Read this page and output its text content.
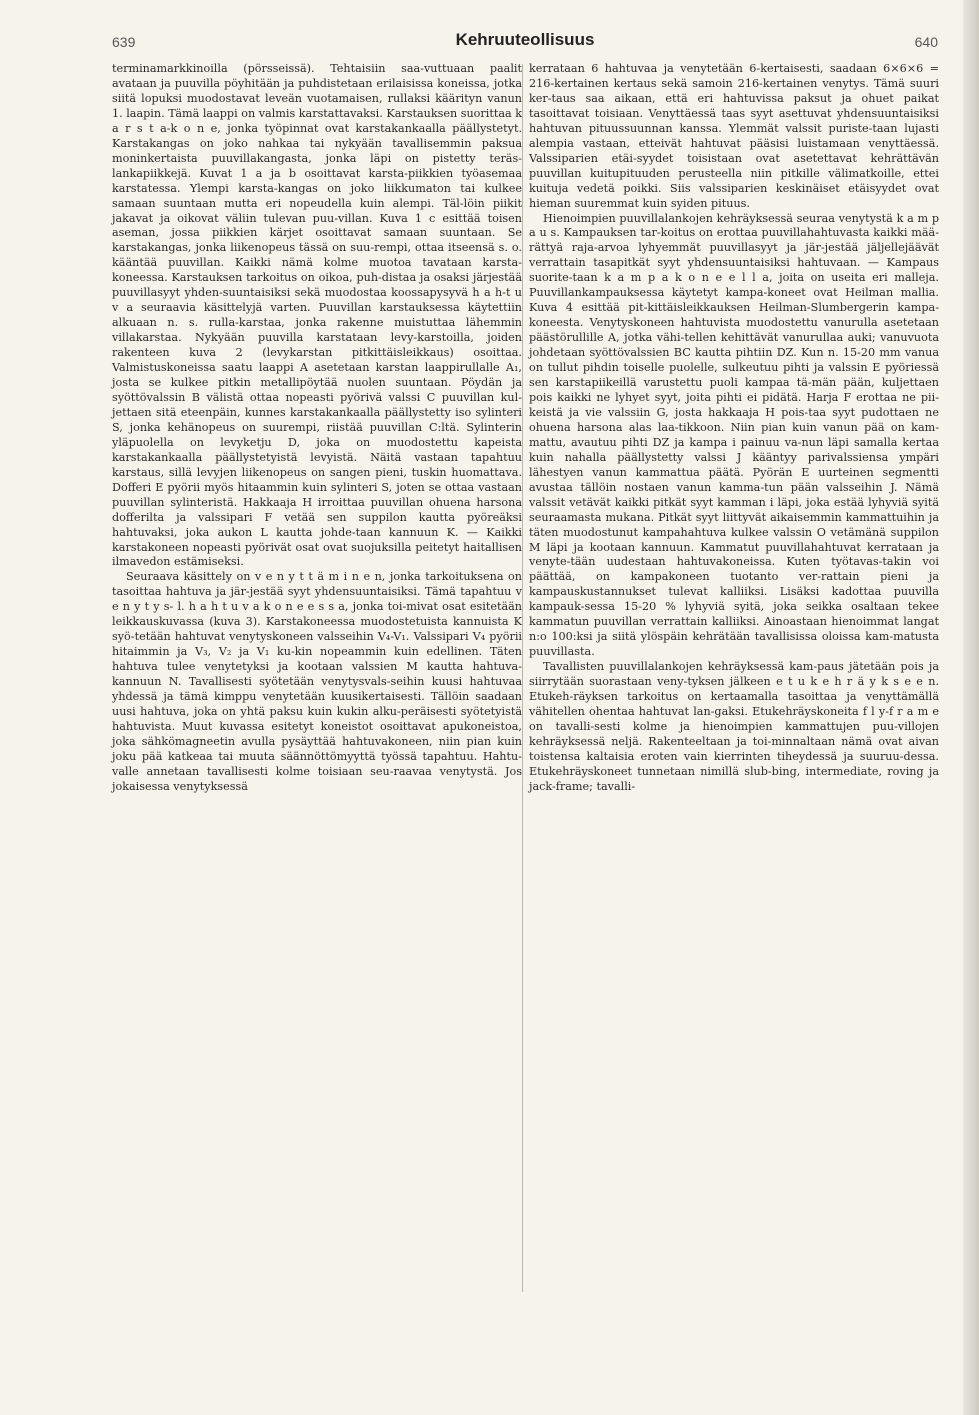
639	Kehruuteollisuus	640

terminamarkkinoilla (pörsseissä). Tehtaisiin saa-vuttuaan paalit avataan ja puuvilla pöyhitään ja puhdistetaan erilaisissa koneissa, jotka siitä lopuksi muodostavat leveän vuotamaisen, rullaksi käärityn vanun 1. laapin. Tämä laappi on valmis karstattavaksi. Karstauksen suorittaa k a r s t a-k o n e, jonka työpinnat ovat karstakankaalla päällystetyt. Karstakangas on joko nahkaa tai nykyään tavallisemmin paksua moninkertaista puuvillakangasta, jonka läpi on pistetty teräs-lankapiikkejä. Kuvat 1 a ja b osoittavat karsta-piikkien työasemaa karstatessa. Ylempi karsta-kangas on joko liikkumaton tai kulkee samaan suuntaan mutta eri nopeudella kuin alempi. Täl-löin piikit jakavat ja oikovat väliin tulevan puu-villan. Kuva 1 c esittää toisen aseman, jossa piikkien kärjet osoittavat samaan suuntaan. Se karstakangas, jonka liikenopeus tässä on suu-rempi, ottaa itseensä s. o. kääntää puuvillan. Kaikki nämä kolme muotoa tavataan karsta-koneessa. Karstauksen tarkoitus on oikoa, puh-distaa ja osaksi järjestää puuvillasyyt yhden-suuntaisiksi sekä muodostaa koossapysyvä h a h-t u v a seuraavia käsittelyjä varten. Puuvillan karstauksessa käytettiin alkuaan n. s. rulla-karstaa, jonka rakenne muistuttaa lähemmin villakarstaa. Nykyään puuvilla karstataan levy-karstoilla, joiden rakenteen kuva 2 (levykarstan pitkittäisleikkaus) osoittaa. Valmistuskoneissa saatu laappi A asetetaan karstan laappirullalle A₁, josta se kulkee pitkin metallipöytää nuolen suuntaan. Pöydän ja syöttövalssin B välistä ottaa nopeasti pyörivä valssi C puuvillan kul-jettaen sitä eteenpäin, kunnes karstakankaalla päällystetty iso sylinteri S, jonka kehänopeus on suurempi, riistää puuvillan C:ltä. Sylinterin yläpuolella on levyketju D, joka on muodostettu kapeista karstakankaalla päällystetyistä levyistä. Näitä vastaan tapahtuu karstaus, sillä levyjen liikenopeus on sangen pieni, tuskin huomattava. Dofferi E pyörii myös hitaammin kuin sylinteri S, joten se ottaa vastaan puuvillan sylinteristä. Hakkaaja H irroittaa puuvillan ohuena harsona dofferilta ja valssipari F vetää sen suppilon kautta pyöreäksi hahtuvaksi, joka aukon L kautta johde-taan kannuun K. — Kaikki karstakoneen nopeasti pyörivät osat ovat suojuksilla peitetyt haitallisen ilmavedon estämiseksi.

Seuraava käsittely on v e n y t t ä m i n e n, jonka tarkoituksena on tasoittaa hahtuva ja jär-jestää syyt yhdensuuntaisiksi. Tämä tapahtuu v e n y t y s- l. h a h t u v a k o n e e s s a, jonka toi-mivat osat esitetään leikkauskuvassa (kuva 3). Karstakoneessa muodostetuista kannuista K syö-tetään hahtuvat venytyskoneen valsseihin V₄-V₁. Valssipari V₄ pyörii hitaimmin ja V₃, V₂ ja V₁ ku-kin nopeammin kuin edellinen. Täten hahtuva tulee venytetyksi ja kootaan valssien M kautta hahtuva-kannuun N. Tavallisesti syötetään venytysvals-seihin kuusi hahtuvaa yhdessä ja tämä kimppu venytetään kuusikertaisesti. Tällöin saadaan uusi hahtuva, joka on yhtä paksu kuin kukin alku-peräisesti syötetyistä hahtuvista. Muut kuvassa esitetyt koneistot osoittavat apukoneistoa, joka sähkömagneetin avulla pysäyttää hahtuvakoneen, niin pian kuin joku pää katkeaa tai muuta säännöttömyyttä työssä tapahtuu. Hahtu-valle annetaan tavallisesti kolme toisiaan seu-raavaa venytystä. Jos jokaisessa venytyksessä

kerrataan 6 hahtuvaa ja venytetään 6-kertaisesti, saadaan 6×6×6 = 216-kertainen kertaus sekä samoin 216-kertainen venytys. Tämä suuri ker-taus saa aikaan, että eri hahtuvissa paksut ja ohuet paikat tasoittavat toisiaan. Venyttäessä taas syyt asettuvat yhdensuuntaisiksi hahtuvan pituussuunnan kanssa. Ylemmät valssit puriste-taan lujasti alempia vastaan, etteivät hahtuvat pääsisi luistamaan venyttäessä. Valssiparien etäi-syydet toisistaan ovat asetettavat kehrättävän puuvillan kuitupituuden perusteella niin pitkille välimatkoille, ettei kuituja vedetä poikki. Siis valssiparien keskinäiset etäisyydet ovat hieman suuremmat kuin syiden pituus.

Hienoimpien puuvillalankojen kehräyksessä seuraa venytystä k a m p a u s. Kampauksen tar-koitus on erottaa puuvillahahtuvasta kaikki mää-rättyä raja-arvoa lyhyemmät puuvillasyyt ja jär-jestää jäljellejäävät verrattain tasapitkät syyt yhdensuuntaisiksi hahtuvaan. — Kampaus suorite-taan k a m p a k o n e e l l a, joita on useita eri malleja. Puuvillankampauksessa käytetyt kampa-koneet ovat Heilman mallia. Kuva 4 esittää pit-kittäisleikkauksen Heilman-Slumbergerin kampa-koneesta. Venytyskoneen hahtuvista muodostettu vanurulla asetetaan päästörullille A, jotka vähi-tellen kehittävät vanurullaa auki; vanuvuota johdetaan syöttövalssien BC kautta pihtiin DZ. Kun n. 15-20 mm vanua on tullut pihdin toiselle puolelle, sulkeutuu pihti ja valssin E pyöriessä sen karstapiikeillä varustettu puoli kampaa tä-män pään, kuljettaen pois kaikki ne lyhyet syyt, joita pihti ei pidätä. Harja F erottaa ne pii-keistä ja vie valssiin G, josta hakkaaja H pois-taa syyt pudottaen ne ohuena harsona alas laa-tikkoon. Niin pian kuin vanun pää on kam-mattu, avautuu pihti DZ ja kampa i painuu va-nun läpi samalla kertaa kuin nahalla päällystetty valssi J kääntyy parivalssiensa ympäri lähestyen vanun kammattua päätä. Pyörän E uurteinen segmentti avustaa tällöin nostaen vanun kamma-tun pään valsseihin J. Nämä valssit vetävät kaikki pitkät syyt kamman i läpi, joka estää lyhyviä syitä seuraamasta mukana. Pitkät syyt liittyvät aikaisemmin kammattuihin ja täten muodostunut kampahahtuva kulkee valssin O vetämänä suppilon M läpi ja kootaan kannuun. Kammatut puuvillahahtuvat kerrataan ja venyte-tään uudestaan hahtuvakoneissa. Kuten työtavas-takin voi päättää, on kampakoneen tuotanto ver-rattain pieni ja kampauskustannukset tulevat kalliiksi. Lisäksi kadottaa puuvilla kampauk-sessa 15-20 % lyhyviä syitä, joka seikka osaltaan tekee kammatun puuvillan verrattain kalliiksi. Ainoastaan hienoimmat langat n:o 100:ksi ja siitä ylöspäin kehrätään tavallisissa oloissa kam-matusta puuvillasta.

Tavallisten puuvillalankojen kehräyksessä kam-paus jätetään pois ja siirrytään suorastaan veny-tyksen jälkeen e t u k e h r ä y k s e e n. Etukeh-räyksen tarkoitus on kertaamalla tasoittaa ja venyttämällä vähitellen ohentaa hahtuvat lan-gaksi. Etukehräyskoneita f l y-f r a m e on tavalli-sesti kolme ja hienoimpien kammattujen puu-villojen kehräyksessä neljä. Rakenteeltaan ja toi-minnaltaan nämä ovat aivan toistensa kaltaisia eroten vain kierrinten tiheydessä ja suuruu-dessa. Etukehräyskoneet tunnetaan nimillä slub-bing, intermediate, roving ja jack-frame; tavalli-
